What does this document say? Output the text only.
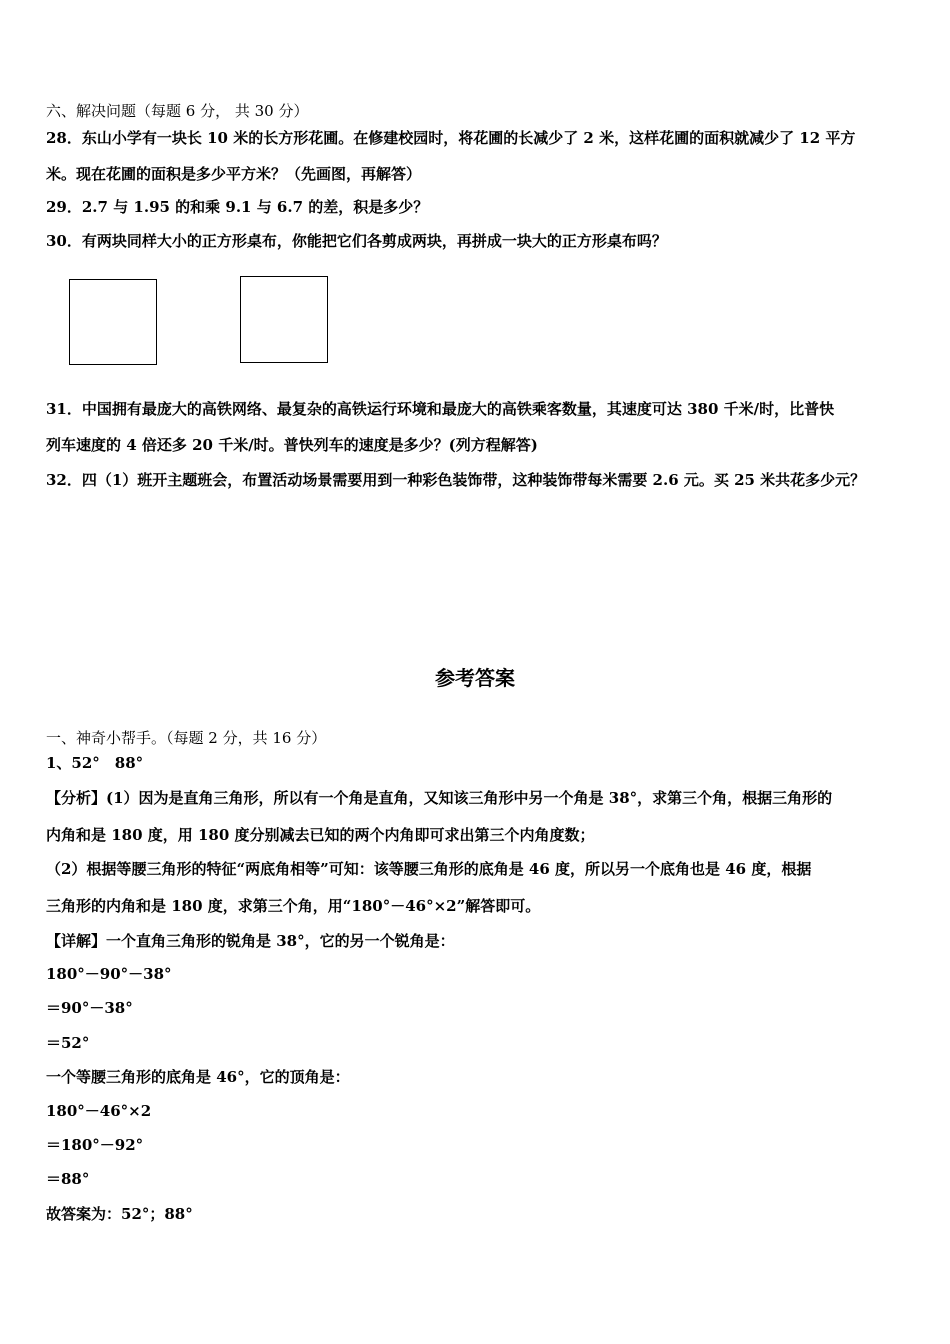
六、解决问题（每题 6 分， 共 30 分）
28．东山小学有一块长 10 米的长方形花圃。在修建校园时，将花圃的长减少了 2 米，这样花圃的面积就减少了 12 平方
米。现在花圃的面积是多少平方米？（先画图，再解答）
29．2.7 与 1.95 的和乘 9.1 与 6.7 的差，积是多少？
30．有两块同样大小的正方形桌布，你能把它们各剪成两块，再拼成一块大的正方形桌布吗？
31．中国拥有最庞大的高铁网络、最复杂的高铁运行环境和最庞大的高铁乘客数量，其速度可达 380 千米/时，比普快
列车速度的 4 倍还多 20 千米/时。普快列车的速度是多少？(列方程解答)
32．四（1）班开主题班会，布置活动场景需要用到一种彩色装饰带，这种装饰带每米需要 2.6 元。买 25 米共花多少元？
参考答案
一、神奇小帮手。（每题 2 分，共 16 分）
1、52°　88°
【分析】(1）因为是直角三角形，所以有一个角是直角，又知该三角形中另一个角是 38°，求第三个角，根据三角形的
内角和是 180 度，用 180 度分别减去已知的两个内角即可求出第三个内角度数；
（2）根据等腰三角形的特征“两底角相等”可知：该等腰三角形的底角是 46 度，所以另一个底角也是 46 度，根据
三角形的内角和是 180 度，求第三个角，用“180°－46°×2”解答即可。
【详解】一个直角三角形的锐角是 38°，它的另一个锐角是：
180°－90°－38°
＝90°－38°
＝52°
一个等腰三角形的底角是 46°，它的顶角是：
180°－46°×2
＝180°－92°
＝88°
故答案为：52°；88°
